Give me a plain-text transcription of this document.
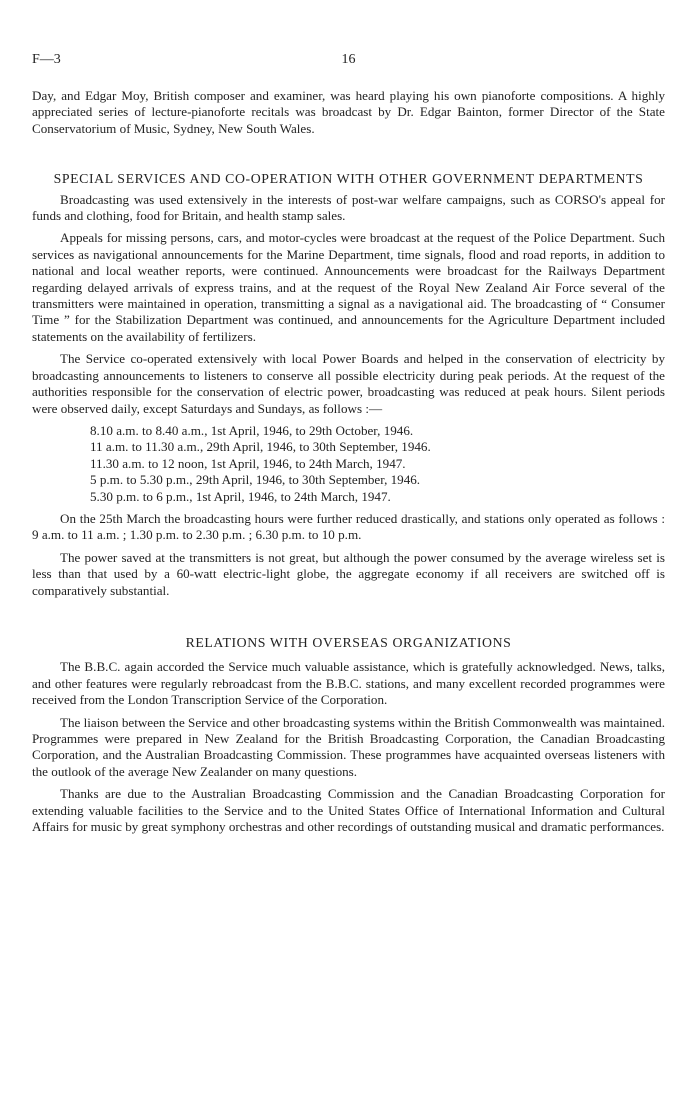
F—3	16

Day, and Edgar Moy, British composer and examiner, was heard playing his own pianoforte compositions. A highly appreciated series of lecture-pianoforte recitals was broadcast by Dr. Edgar Bainton, former Director of the State Conservatorium of Music, Sydney, New South Wales.

SPECIAL SERVICES AND CO-OPERATION WITH OTHER GOVERNMENT DEPARTMENTS

Broadcasting was used extensively in the interests of post-war welfare campaigns, such as CORSO's appeal for funds and clothing, food for Britain, and health stamp sales.

Appeals for missing persons, cars, and motor-cycles were broadcast at the request of the Police Department. Such services as navigational announcements for the Marine Department, time signals, flood and road reports, in addition to national and local weather reports, were continued. Announcements were broadcast for the Railways Department regarding delayed arrivals of express trains, and at the request of the Royal New Zealand Air Force several of the transmitters were maintained in operation, transmitting a signal as a navigational aid. The broadcasting of “ Consumer Time ” for the Stabilization Department was continued, and announcements for the Agriculture Department included statements on the availability of fertilizers.

The Service co-operated extensively with local Power Boards and helped in the conservation of electricity by broadcasting announcements to listeners to conserve all possible electricity during peak periods. At the request of the authorities responsible for the conservation of electric power, broadcasting was reduced at peak hours. Silent periods were observed daily, except Saturdays and Sundays, as follows :—

8.10 a.m. to 8.40 a.m., 1st April, 1946, to 29th October, 1946.
11 a.m. to 11.30 a.m., 29th April, 1946, to 30th September, 1946.
11.30 a.m. to 12 noon, 1st April, 1946, to 24th March, 1947.
5 p.m. to 5.30 p.m., 29th April, 1946, to 30th September, 1946.
5.30 p.m. to 6 p.m., 1st April, 1946, to 24th March, 1947.

On the 25th March the broadcasting hours were further reduced drastically, and stations only operated as follows : 9 a.m. to 11 a.m. ; 1.30 p.m. to 2.30 p.m. ; 6.30 p.m. to 10 p.m.

The power saved at the transmitters is not great, but although the power consumed by the average wireless set is less than that used by a 60-watt electric-light globe, the aggregate economy if all receivers are switched off is comparatively substantial.

RELATIONS WITH OVERSEAS ORGANIZATIONS

The B.B.C. again accorded the Service much valuable assistance, which is gratefully acknowledged. News, talks, and other features were regularly rebroadcast from the B.B.C. stations, and many excellent recorded programmes were received from the London Transcription Service of the Corporation.

The liaison between the Service and other broadcasting systems within the British Commonwealth was maintained. Programmes were prepared in New Zealand for the British Broadcasting Corporation, the Canadian Broadcasting Corporation, and the Australian Broadcasting Commission. These programmes have acquainted overseas listeners with the outlook of the average New Zealander on many questions.

Thanks are due to the Australian Broadcasting Commission and the Canadian Broadcasting Corporation for extending valuable facilities to the Service and to the United States Office of International Information and Cultural Affairs for music by great symphony orchestras and other recordings of outstanding musical and dramatic performances.
